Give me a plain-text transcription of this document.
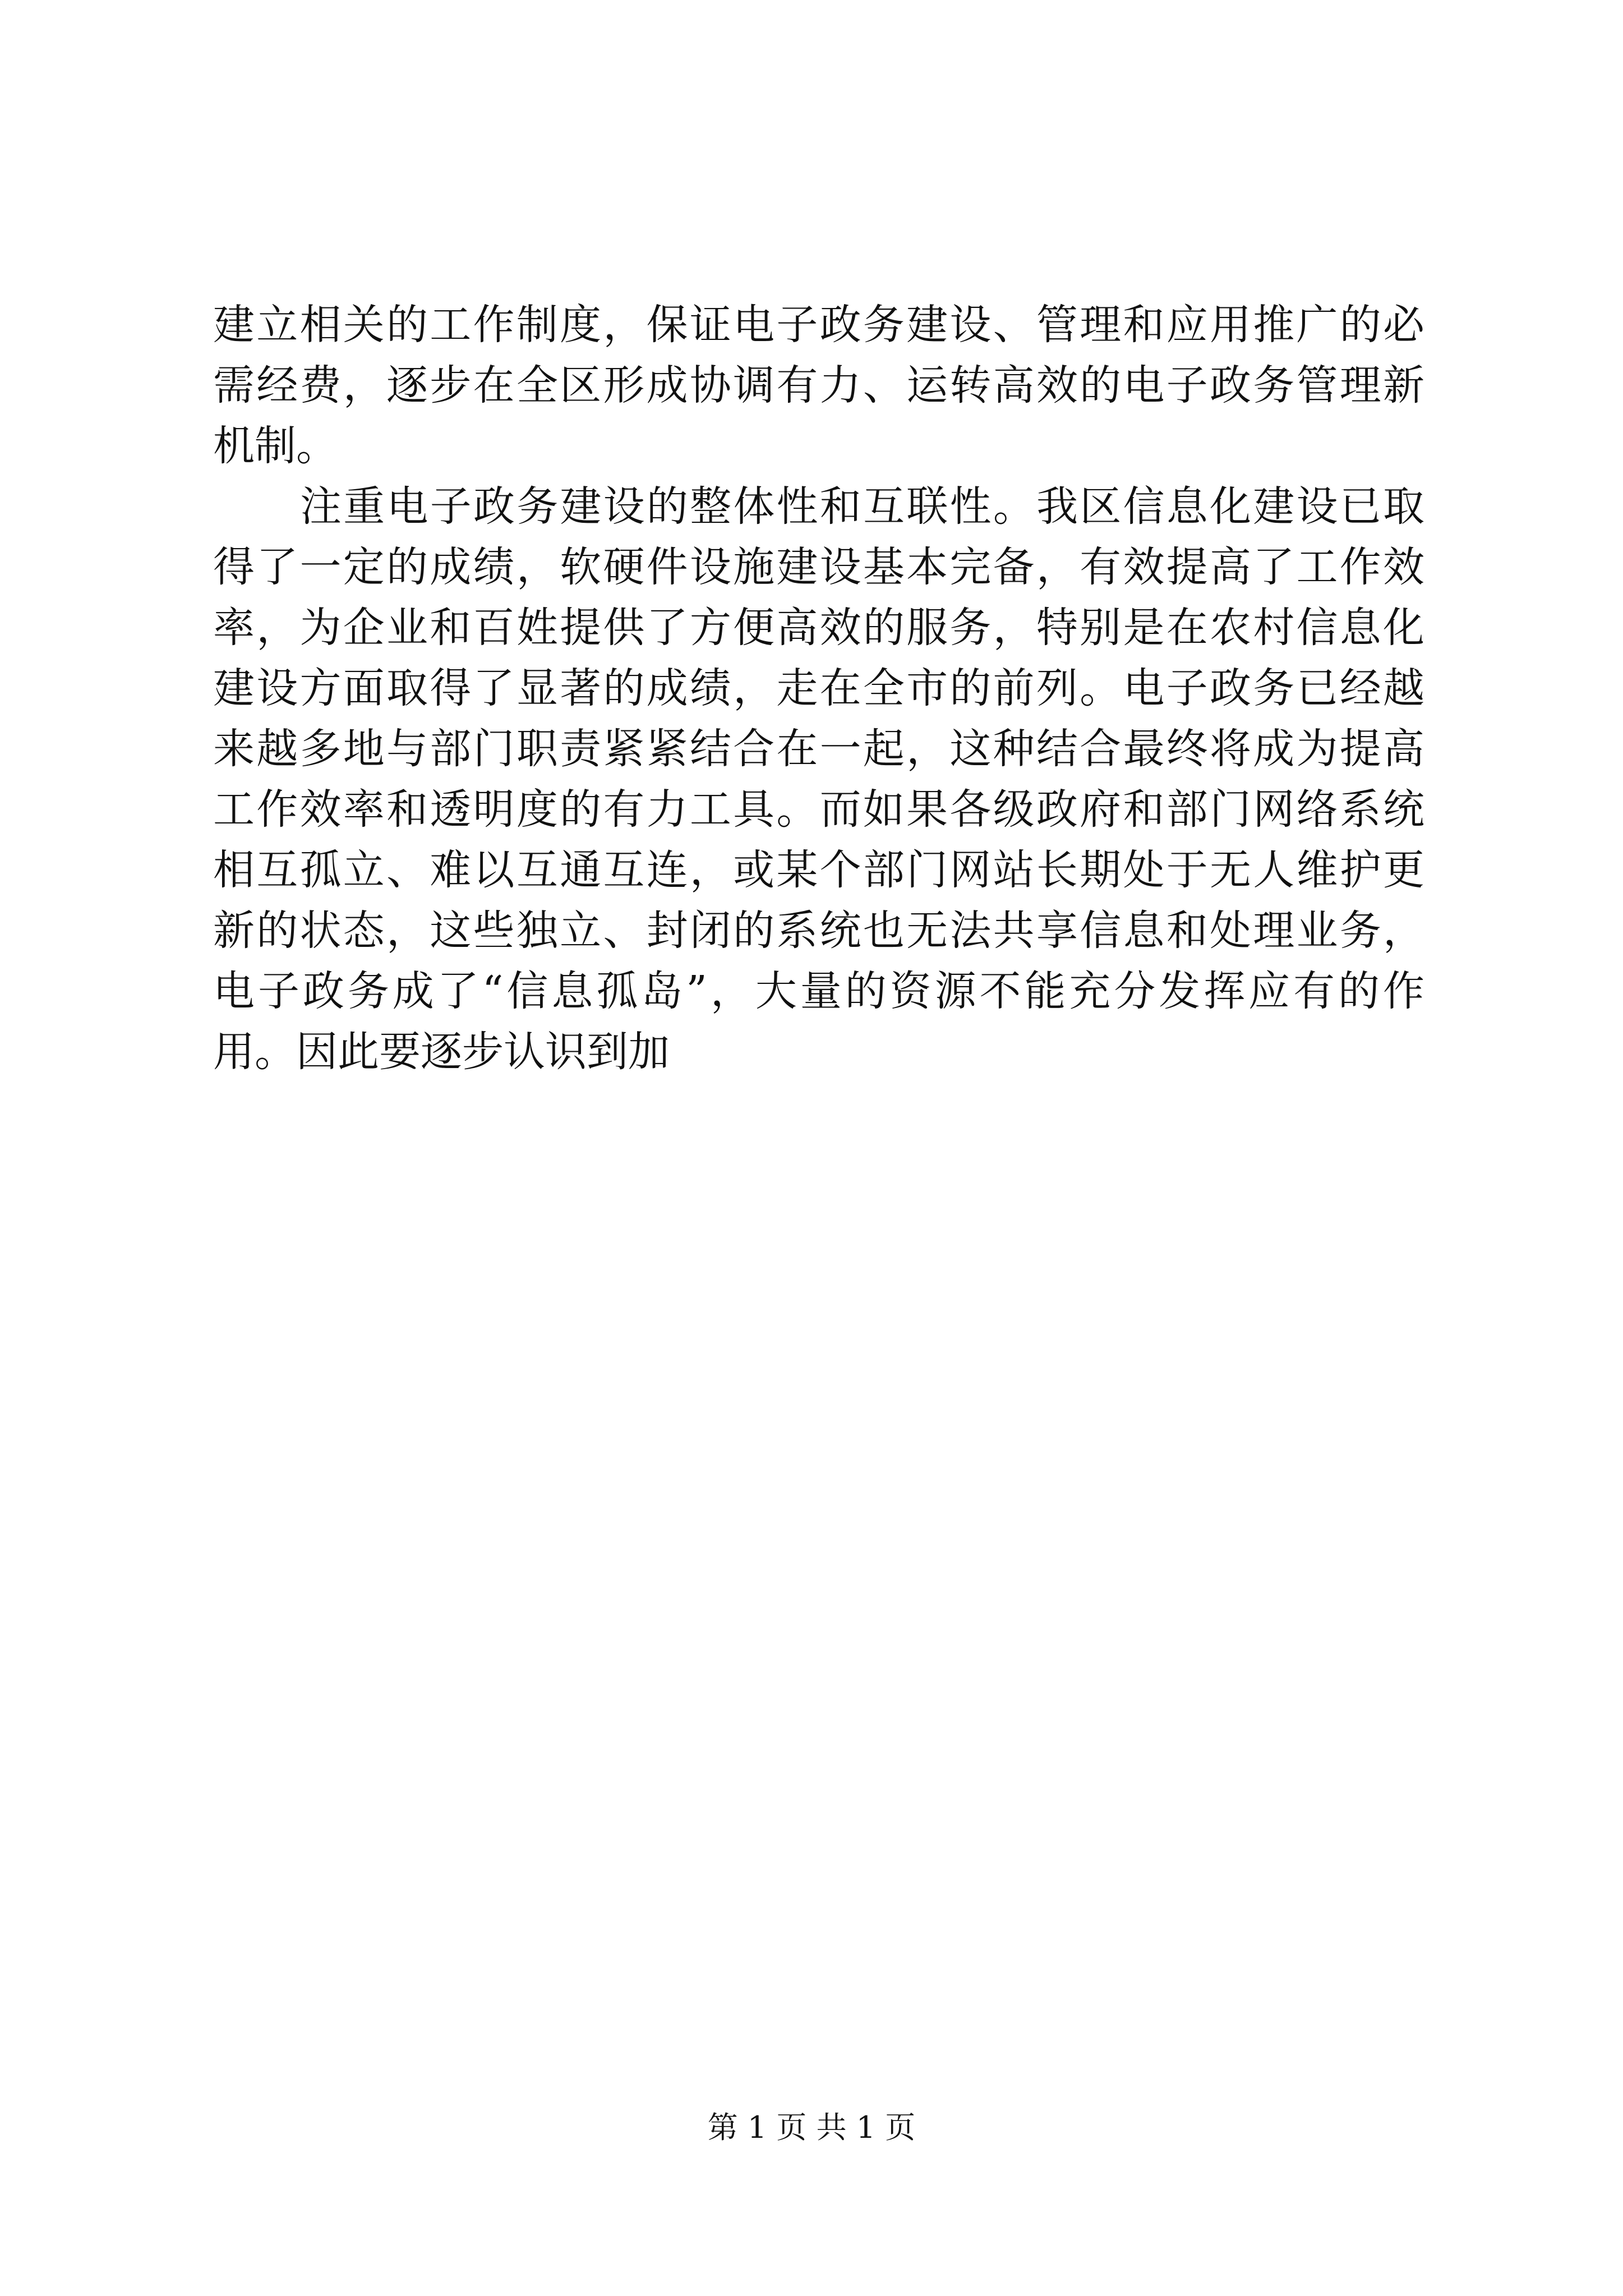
建立相关的工作制度，保证电子政务建设、管理和应用推广的必
需经费，逐步在全区形成协调有力、运转高效的电子政务管理新
机制。
注重电子政务建设的整体性和互联性。我区信息化建设已取
得了一定的成绩，软硬件设施建设基本完备，有效提高了工作效
率，为企业和百姓提供了方便高效的服务，特别是在农村信息化
建设方面取得了显著的成绩，走在全市的前列。电子政务已经越
来越多地与部门职责紧紧结合在一起，这种结合最终将成为提高
工作效率和透明度的有力工具。而如果各级政府和部门网络系统
相互孤立、难以互通互连，或某个部门网站长期处于无人维护更
新的状态，这些独立、封闭的系统也无法共享信息和处理业务，
电子政务成了“信息孤岛”，大量的资源不能充分发挥应有的作
用。因此要逐步认识到加
第 1 页 共 1 页
